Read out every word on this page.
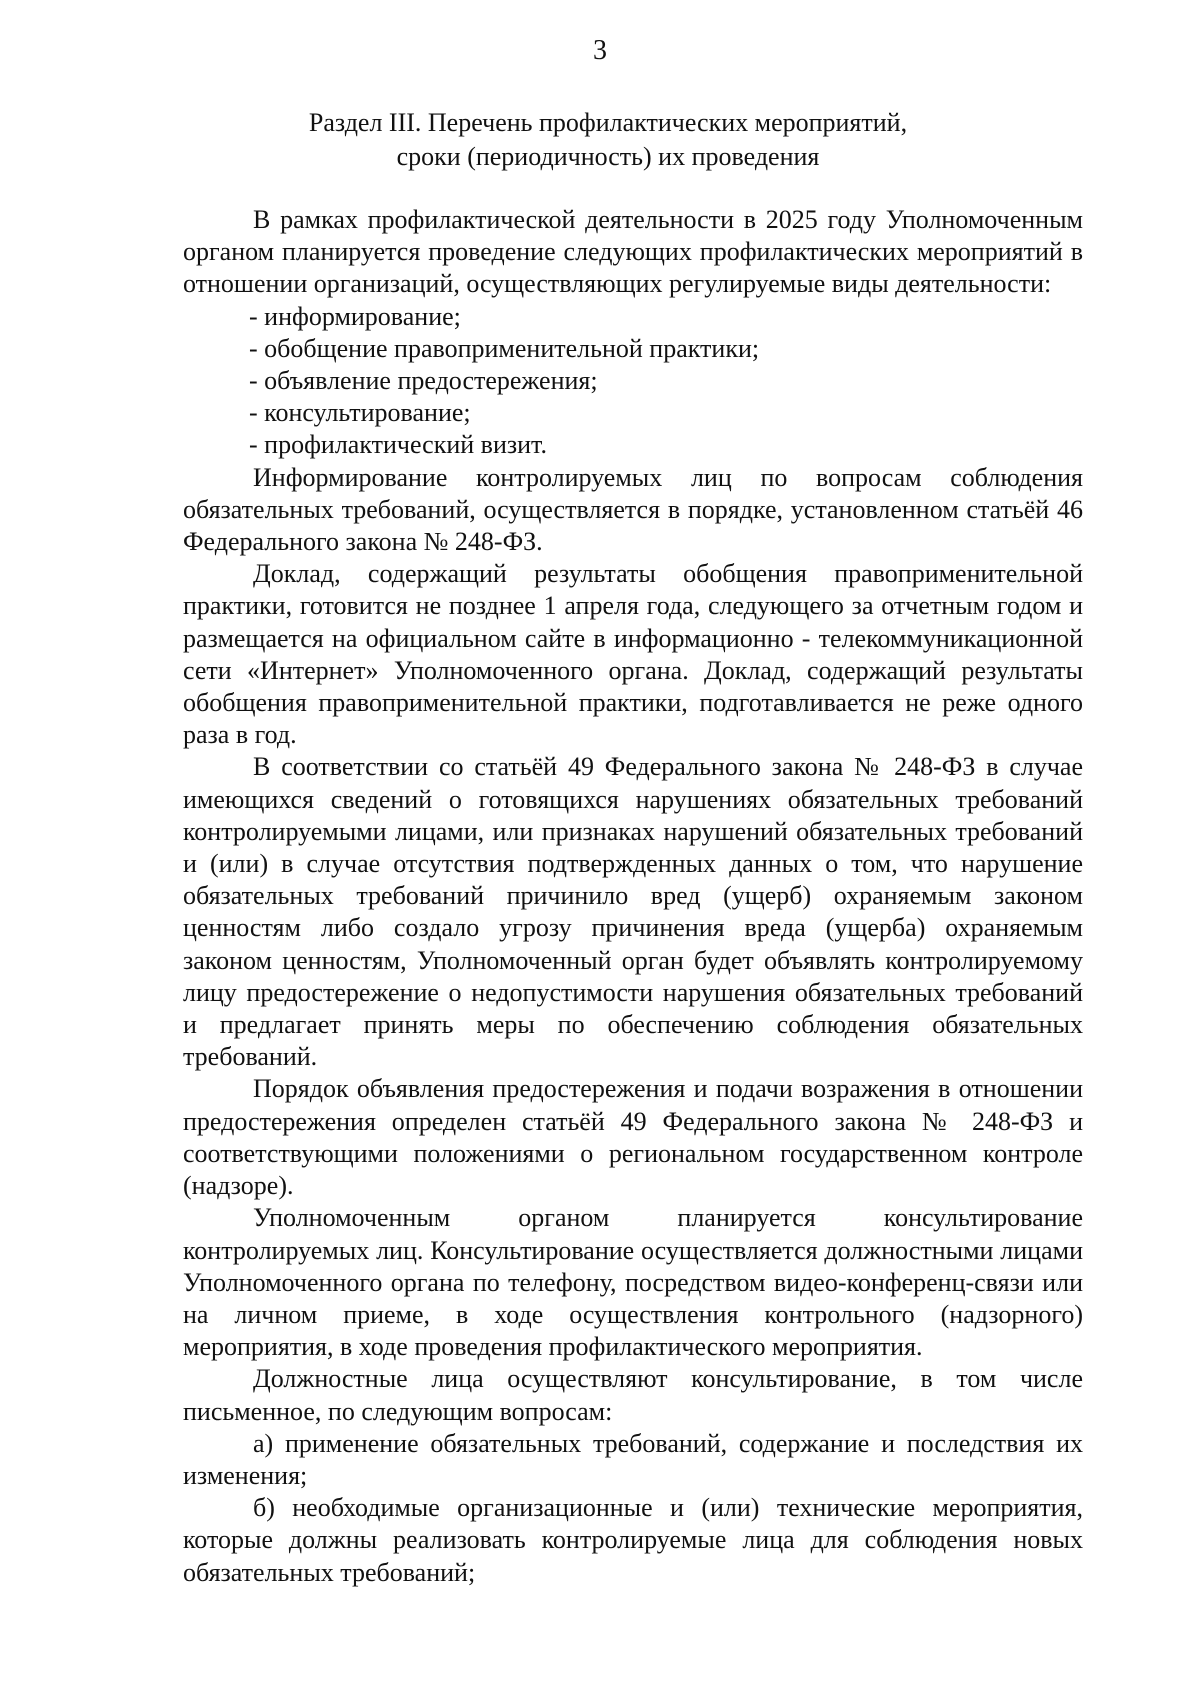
3
Раздел III. Перечень профилактических мероприятий,
сроки (периодичность) их проведения

В рамках профилактической деятельности в 2025 году Уполномоченным органом планируется проведение следующих профилактических мероприятий в отношении организаций, осуществляющих регулируемые виды деятельности:

- информирование;
- обобщение правоприменительной практики;
- объявление предостережения;
- консультирование;
- профилактический визит.

Информирование контролируемых лиц по вопросам соблюдения обязательных требований, осуществляется в порядке, установленном статьёй 46 Федерального закона № 248-ФЗ.

Доклад, содержащий результаты обобщения правоприменительной практики, готовится не позднее 1 апреля года, следующего за отчетным годом и размещается на официальном сайте в информационно - телекоммуникационной сети «Интернет» Уполномоченного органа. Доклад, содержащий результаты обобщения правоприменительной практики, подготавливается не реже одного раза в год.

В соответствии со статьёй 49 Федерального закона № 248-ФЗ в случае имеющихся сведений о готовящихся нарушениях обязательных требований контролируемыми лицами, или признаках нарушений обязательных требований и (или) в случае отсутствия подтвержденных данных о том, что нарушение обязательных требований причинило вред (ущерб) охраняемым законом ценностям либо создало угрозу причинения вреда (ущерба) охраняемым законом ценностям, Уполномоченный орган будет объявлять контролируемому лицу предостережение о недопустимости нарушения обязательных требований и предлагает принять меры по обеспечению соблюдения обязательных требований.

Порядок объявления предостережения и подачи возражения в отношении предостережения определен статьёй 49 Федерального закона № 248-ФЗ и соответствующими положениями о региональном государственном контроле (надзоре).

Уполномоченным органом планируется консультирование контролируемых лиц. Консультирование осуществляется должностными лицами Уполномоченного органа по телефону, посредством видео-конференц-связи или на личном приеме, в ходе осуществления контрольного (надзорного) мероприятия, в ходе проведения профилактического мероприятия.

Должностные лица осуществляют консультирование, в том числе письменное, по следующим вопросам:

а) применение обязательных требований, содержание и последствия их изменения;

б) необходимые организационные и (или) технические мероприятия, которые должны реализовать контролируемые лица для соблюдения новых обязательных требований;
